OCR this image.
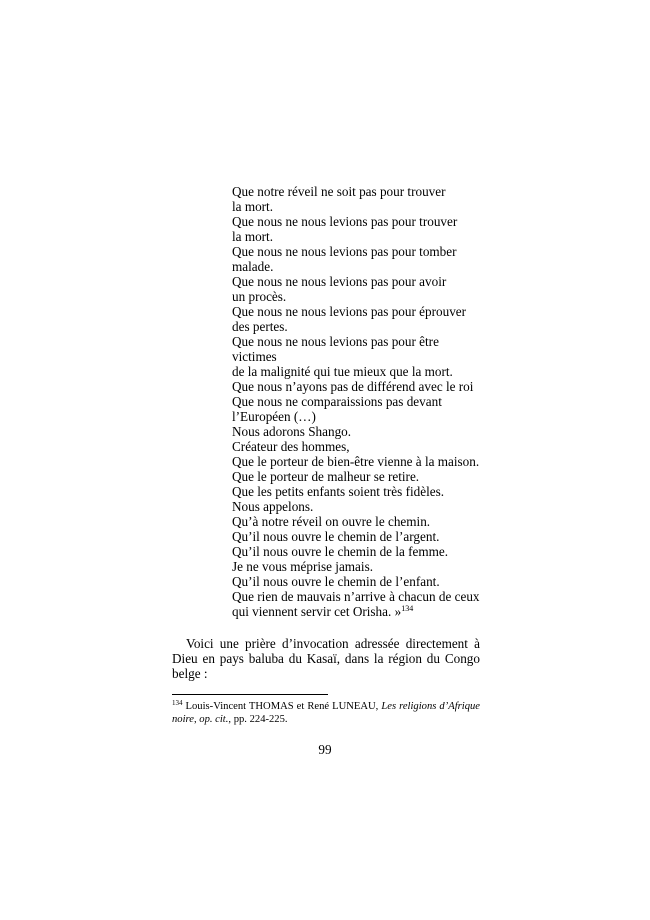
Que notre réveil ne soit pas pour trouver
la mort.
Que nous ne nous levions pas pour trouver
la mort.
Que nous ne nous levions pas pour tomber
malade.
Que nous ne nous levions pas pour avoir
un procès.
Que nous ne nous levions pas pour éprouver
des pertes.
Que nous ne nous levions pas pour être
victimes
de la malignité qui tue mieux que la mort.
Que nous n’ayons pas de différend avec le roi
Que nous ne comparaissions pas devant
l’Européen (…)
Nous adorons Shango.
Créateur des hommes,
Que le porteur de bien-être vienne à la maison.
Que le porteur de malheur se retire.
Que les petits enfants soient très fidèles.
Nous appelons.
Qu’à notre réveil on ouvre le chemin.
Qu’il nous ouvre le chemin de l’argent.
Qu’il nous ouvre le chemin de la femme.
Je ne vous méprise jamais.
Qu’il nous ouvre le chemin de l’enfant.
Que rien de mauvais n’arrive à chacun de ceux
qui viennent servir cet Orisha. »$^{134}$

Voici une prière d’invocation adressée directement à Dieu en pays baluba du Kasaï, dans la région du Congo belge :

$^{134}$ Louis-Vincent THOMAS et René LUNEAU, Les religions d’Afrique noire, op. cit., pp. 224-225.

99
